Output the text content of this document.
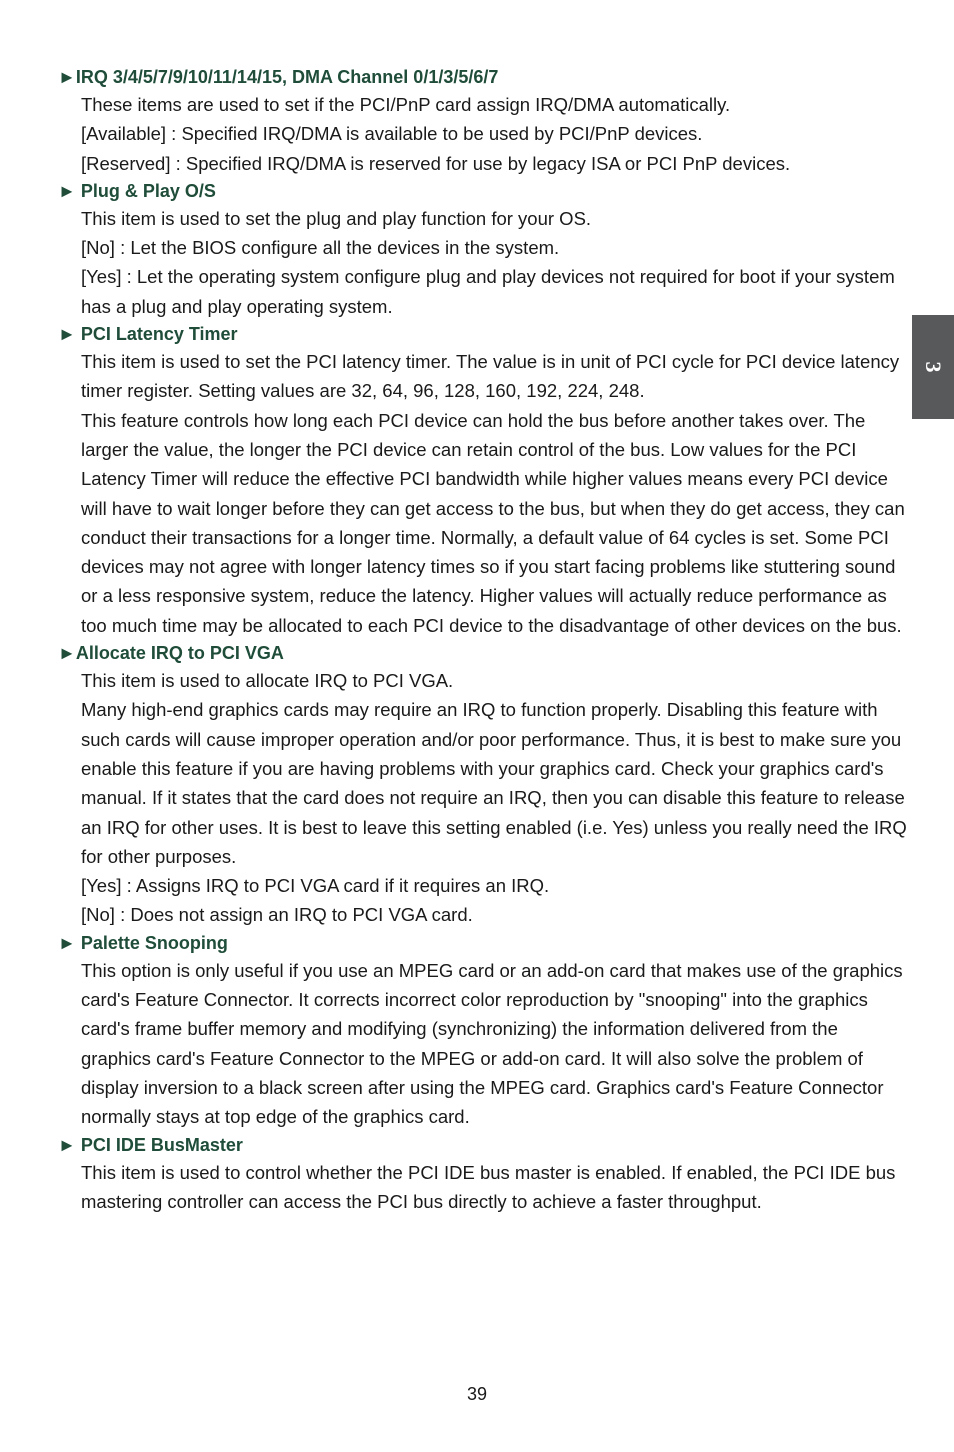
►IRQ 3/4/5/7/9/10/11/14/15, DMA Channel 0/1/3/5/6/7
These items are used to set if the PCI/PnP card assign IRQ/DMA automatically.
[Available] : Specified IRQ/DMA is available to be used by PCI/PnP devices.
[Reserved] : Specified IRQ/DMA is reserved for use by legacy ISA or PCI PnP devices.
► Plug & Play O/S
This item is used to set the plug and play function for your OS.
[No] : Let the BIOS configure all the devices in the system.
[Yes] : Let the operating system configure plug and play devices not required for boot if your system has a plug and play operating system.
► PCI Latency Timer
This item is used to set the PCI latency timer. The value is in unit of PCI cycle for PCI device latency timer register. Setting values are 32, 64, 96, 128, 160, 192, 224, 248.
This feature controls how long each PCI device can hold the bus before another takes over. The larger the value, the longer the PCI device can retain control of the bus. Low values for the PCI Latency Timer will reduce the effective PCI bandwidth while higher values means every PCI device will have to wait longer before they can get access to the bus, but when they do get access, they can conduct their transactions for a longer time. Normally, a default value of 64 cycles is set. Some PCI devices may not agree with longer latency times so if you start facing problems like stuttering sound or a less responsive system, reduce the latency. Higher values will actually reduce performance as too much time may be allocated to each PCI device to the disadvantage of other devices on the bus.
►Allocate IRQ to PCI VGA
This item is used to allocate IRQ to PCI VGA.
Many high-end graphics cards may require an IRQ to function properly. Disabling this feature with such cards will cause improper operation and/or poor performance. Thus, it is best to make sure you enable this feature if you are having problems with your graphics card. Check your graphics card's manual. If it states that the card does not require an IRQ, then you can disable this feature to release an IRQ for other uses. It is best to leave this setting enabled (i.e. Yes) unless you really need the IRQ for other purposes.
[Yes] : Assigns IRQ to PCI VGA card if it requires an IRQ.
[No] : Does not assign an IRQ to PCI VGA card.
► Palette Snooping
This option is only useful if you use an MPEG card or an add-on card that makes use of the graphics card's Feature Connector. It corrects incorrect color reproduction by "snooping" into the graphics card's frame buffer memory and modifying (synchronizing) the information delivered from the graphics card's Feature Connector to the MPEG or add-on card. It will also solve the problem of display inversion to a black screen after using the MPEG card. Graphics card's Feature Connector normally stays at top edge of the graphics card.
► PCI IDE BusMaster
This item is used to control whether the PCI IDE bus master is enabled. If enabled, the PCI IDE bus mastering controller can access the PCI bus directly to achieve a faster throughput.
3
39
